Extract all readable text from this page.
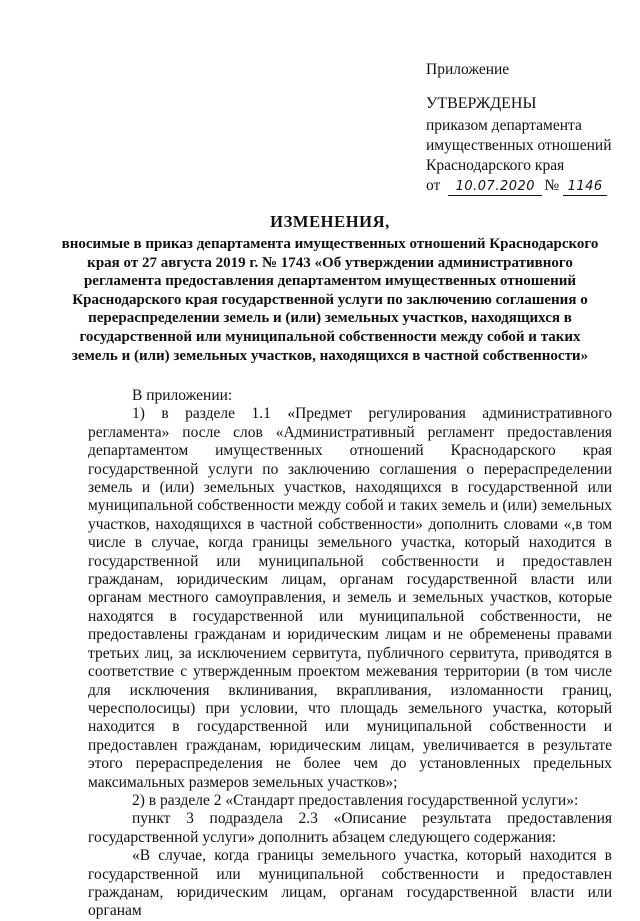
Приложение
УТВЕРЖДЕНЫ
приказом департамента
имущественных отношений
Краснодарского края
от 10.07.2020 № 1146
ИЗМЕНЕНИЯ,
вносимые в приказ департамента имущественных отношений Краснодарского края от 27 августа 2019 г. № 1743 «Об утверждении административного регламента предоставления департаментом имущественных отношений Краснодарского края государственной услуги по заключению соглашения о перераспределении земель и (или) земельных участков, находящихся в государственной или муниципальной собственности между собой и таких земель и (или) земельных участков, находящихся в частной собственности»

В приложении:

1) в разделе 1.1 «Предмет регулирования административного регламента» после слов «Административный регламент предоставления департаментом имущественных отношений Краснодарского края государственной услуги по заключению соглашения о перераспределении земель и (или) земельных участков, находящихся в государственной или муниципальной собственности между собой и таких земель и (или) земельных участков, находящихся в частной собственности» дополнить словами «,в том числе в случае, когда границы земельного участка, который находится в государственной или муниципальной собственности и предоставлен гражданам, юридическим лицам, органам государственной власти или органам местного самоуправления, и земель и земельных участков, которые находятся в государственной или муниципальной собственности, не предоставлены гражданам и юридическим лицам и не обременены правами третьих лиц, за исключением сервитута, публичного сервитута, приводятся в соответствие с утвержденным проектом межевания территории (в том числе для исключения вклинивания, вкрапливания, изломанности границ, чересполосицы) при условии, что площадь земельного участка, который находится в государственной или муниципальной собственности и предоставлен гражданам, юридическим лицам, увеличивается в результате этого перераспределения не более чем до установленных предельных максимальных размеров земельных участков»;

2) в разделе 2 «Стандарт предоставления государственной услуги»:

пункт 3 подраздела 2.3 «Описание результата предоставления государственной услуги» дополнить абзацем следующего содержания:

«В случае, когда границы земельного участка, который находится в государственной или муниципальной собственности и предоставлен гражданам, юридическим лицам, органам государственной власти или органам
